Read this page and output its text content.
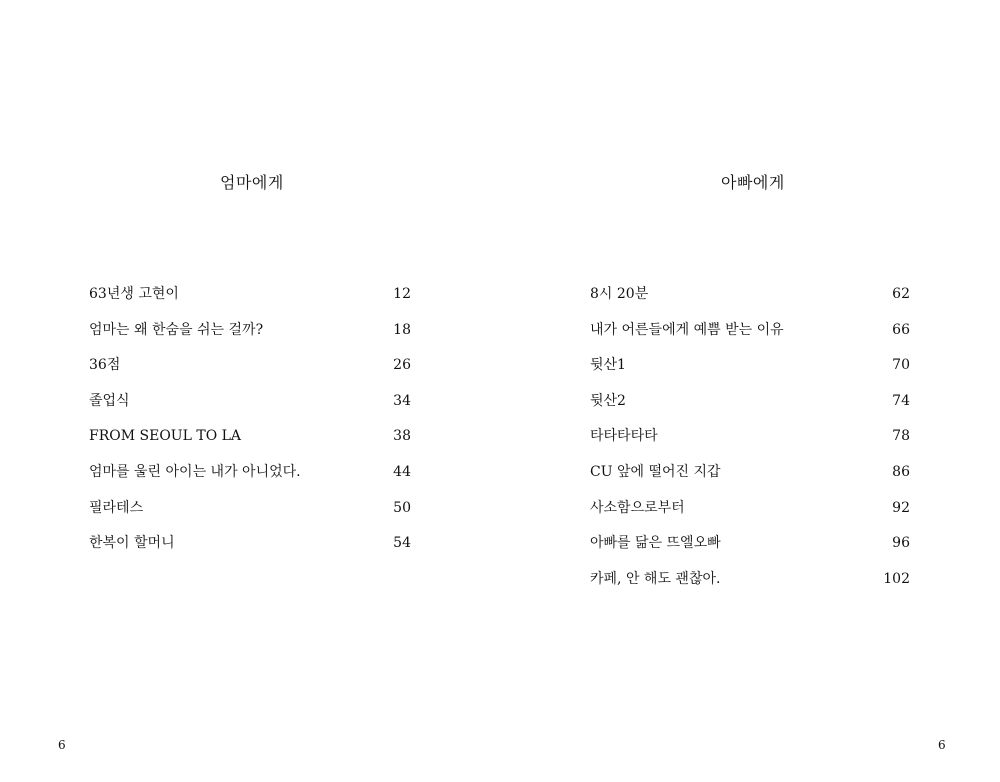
엄마에게
63년생 고현이	12
엄마는 왜 한숨을 쉬는 걸까?	18
36점	26
졸업식	34
FROM SEOUL TO LA	38
엄마를 울린 아이는 내가 아니었다.	44
필라테스	50
한복이 할머니	54
6
아빠에게
8시 20분	62
내가 어른들에게 예쁨 받는 이유	66
뒷산1	70
뒷산2	74
타타타타타	78
CU 앞에 떨어진 지갑	86
사소함으로부터	92
아빠를 닮은 뜨엘오빠	96
카페, 안 해도 괜찮아.	102
6
